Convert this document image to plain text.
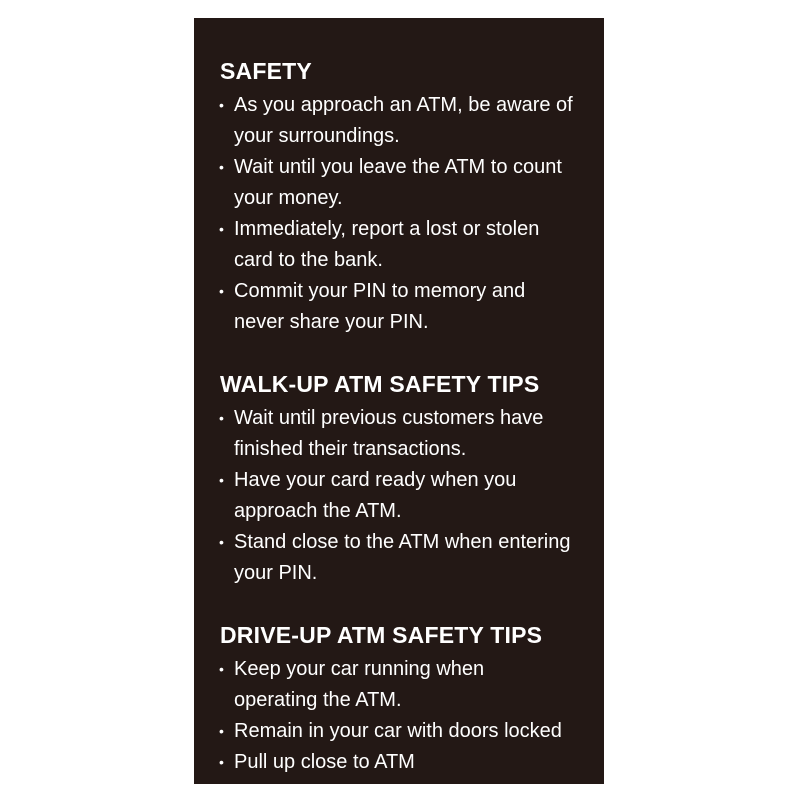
SAFETY
• As you approach an ATM, be aware of
your surroundings.
• Wait until you leave the ATM to count
your money.
• Immediately, report a lost or stolen
card to the bank.
• Commit your PIN to memory and
never share your PIN.
WALK-UP ATM SAFETY TIPS
• Wait until previous customers have
finished their transactions.
• Have your card ready when you
approach the ATM.
• Stand close to the ATM when entering
your PIN.
DRIVE-UP ATM SAFETY TIPS
• Keep your car running when
operating the ATM.
• Remain in your car with doors locked
• Pull up close to ATM
